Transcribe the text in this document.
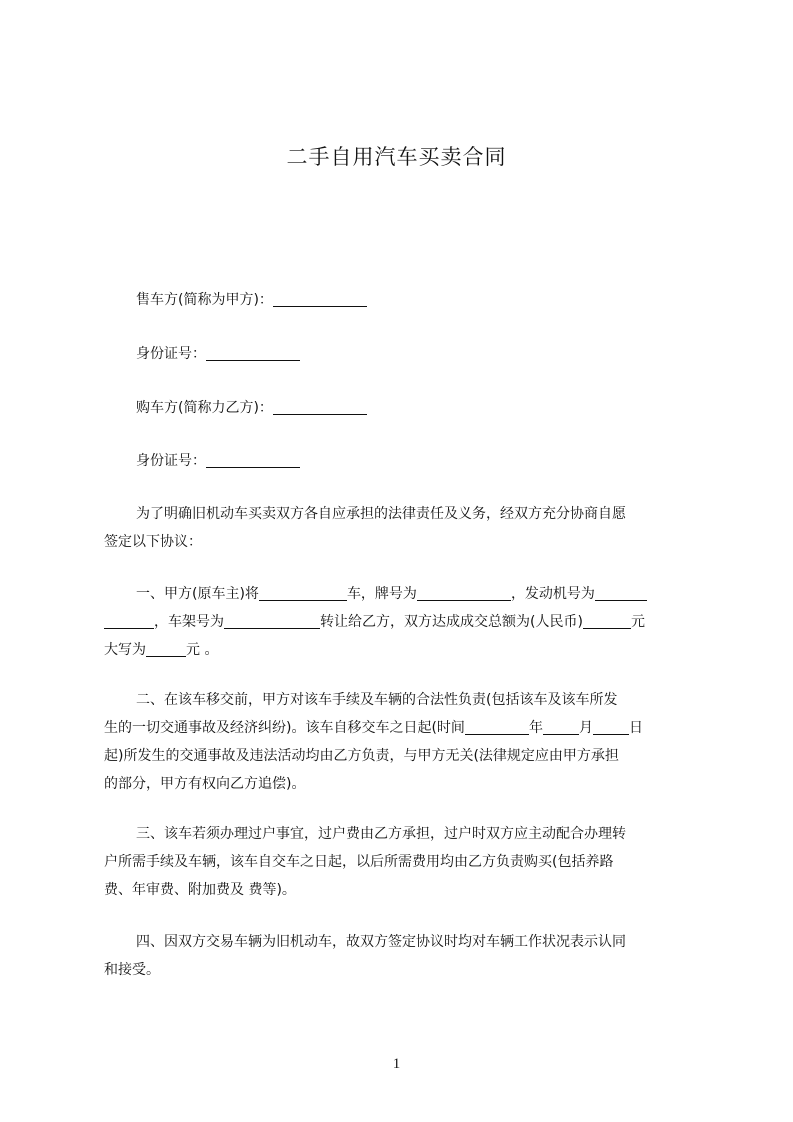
二手自用汽车买卖合同
售车方(简称为甲方)：
身份证号：
购车方(简称力乙方)：
身份证号：
为了明确旧机动车买卖双方各自应承担的法律责任及义务，经双方充分协商自愿
签定以下协议：
一、甲方(原车主)将	车，牌号为	，发动机号为
，车架号为	转让给乙方，双方达成成交总额为(人民币)	元
大写为	元 。
二、在该车移交前，甲方对该车手续及车辆的合法性负责(包括该车及该车所发
生的一切交通事故及经济纠纷)。该车自移交车之日起(时间	年	月	日
起)所发生的交通事故及违法活动均由乙方负责，与甲方无关(法律规定应由甲方承担
的部分，甲方有权向乙方追偿)。
三、该车若须办理过户事宜，过户费由乙方承担，过户时双方应主动配合办理转
户所需手续及车辆，该车自交车之日起，以后所需费用均由乙方负责购买(包括养路
费、年审费、附加费及 费等)。
四、因双方交易车辆为旧机动车，故双方签定协议时均对车辆工作状况表示认同
和接受。
1
